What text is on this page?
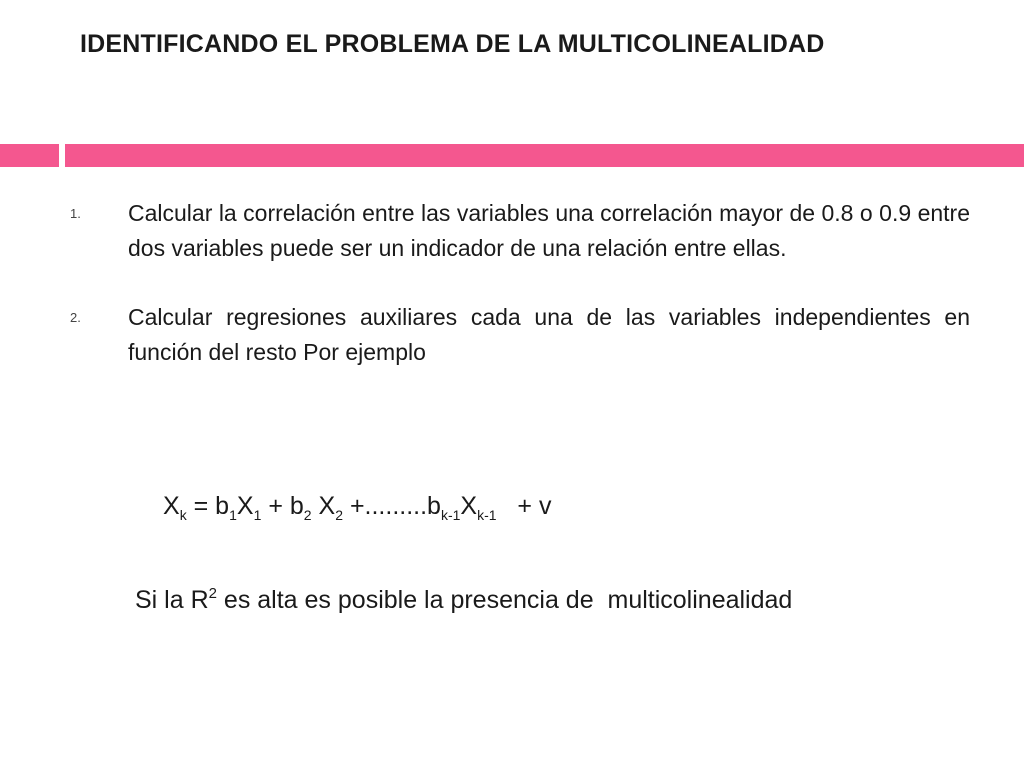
IDENTIFICANDO EL PROBLEMA DE LA MULTICOLINEALIDAD
1. Calcular la correlación entre las variables una correlación mayor de 0.8 o 0.9 entre dos variables puede ser un indicador de una relación entre ellas.
2. Calcular regresiones auxiliares cada una de las variables independientes en función del resto Por ejemplo
$X_k = b_1X_1 + b_2$ $X_2 +.........b_{k-1}X_{k-1} + v$
Si la $R^2$ es alta es posible la presencia de  multicolinealidad
